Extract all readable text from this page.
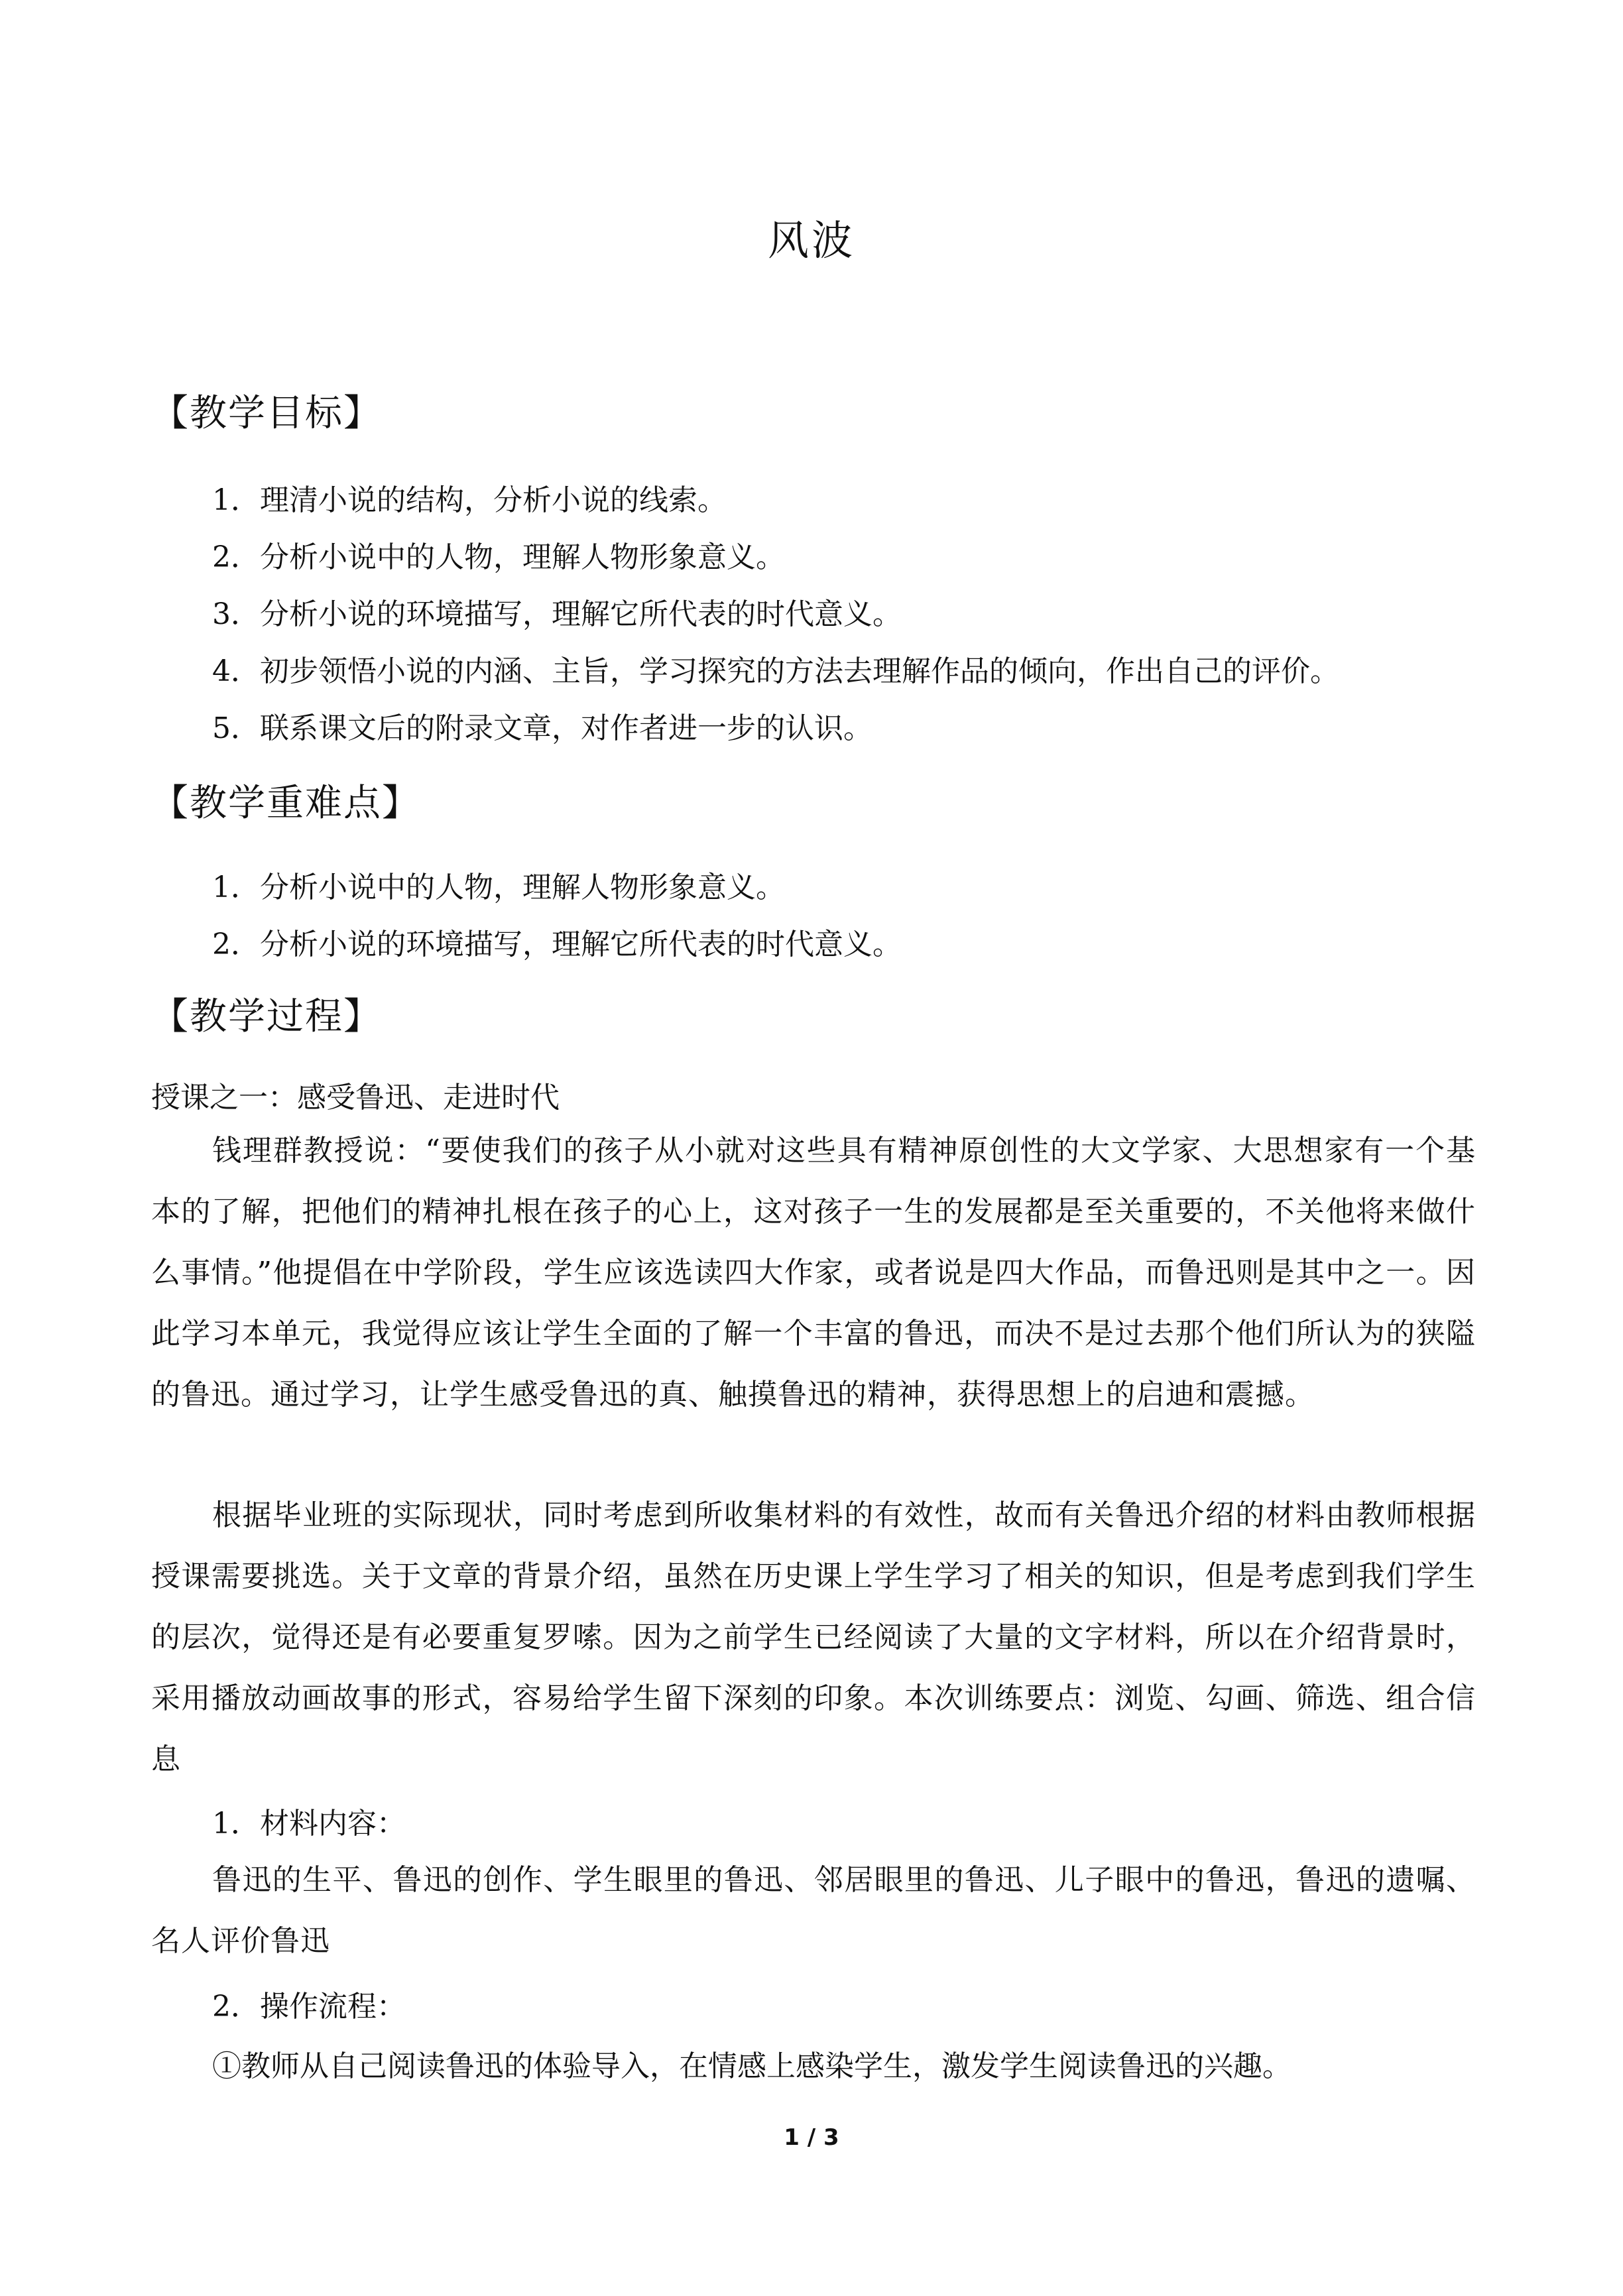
风波
【教学目标】
1．理清小说的结构，分析小说的线索。
2．分析小说中的人物，理解人物形象意义。
3．分析小说的环境描写，理解它所代表的时代意义。
4．初步领悟小说的内涵、主旨，学习探究的方法去理解作品的倾向，作出自己的评价。
5．联系课文后的附录文章，对作者进一步的认识。
【教学重难点】
1．分析小说中的人物，理解人物形象意义。
2．分析小说的环境描写，理解它所代表的时代意义。
【教学过程】
授课之一：感受鲁迅、走进时代
钱理群教授说：“要使我们的孩子从小就对这些具有精神原创性的大文学家、大思想家有一个基本的了解，把他们的精神扎根在孩子的心上，这对孩子一生的发展都是至关重要的，不关他将来做什么事情。”他提倡在中学阶段，学生应该选读四大作家，或者说是四大作品，而鲁迅则是其中之一。因此学习本单元，我觉得应该让学生全面的了解一个丰富的鲁迅，而决不是过去那个他们所认为的狭隘的鲁迅。通过学习，让学生感受鲁迅的真、触摸鲁迅的精神，获得思想上的启迪和震撼。
根据毕业班的实际现状，同时考虑到所收集材料的有效性，故而有关鲁迅介绍的材料由教师根据授课需要挑选。关于文章的背景介绍，虽然在历史课上学生学习了相关的知识，但是考虑到我们学生的层次，觉得还是有必要重复罗嗦。因为之前学生已经阅读了大量的文字材料，所以在介绍背景时，采用播放动画故事的形式，容易给学生留下深刻的印象。本次训练要点：浏览、勾画、筛选、组合信息
1．材料内容：
鲁迅的生平、鲁迅的创作、学生眼里的鲁迅、邻居眼里的鲁迅、儿子眼中的鲁迅，鲁迅的遗嘱、名人评价鲁迅
2．操作流程：
①教师从自己阅读鲁迅的体验导入，在情感上感染学生，激发学生阅读鲁迅的兴趣。
1 / 3
